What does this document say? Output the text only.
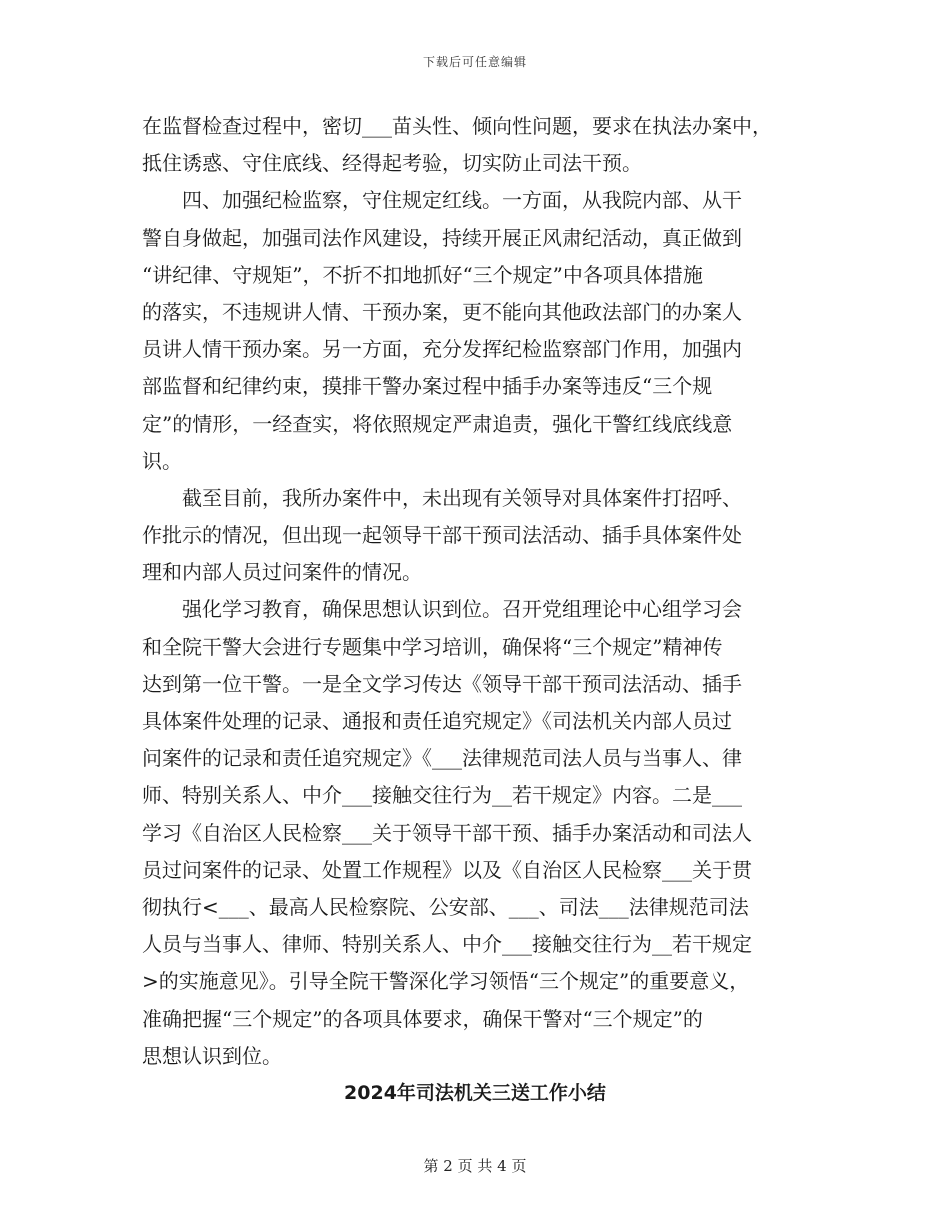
下载后可任意编辑
在监督检查过程中，密切___苗头性、倾向性问题，要求在执法办案中，
抵住诱惑、守住底线、经得起考验，切实防止司法干预。
　　四、加强纪检监察，守住规定红线。一方面，从我院内部、从干
警自身做起，加强司法作风建设，持续开展正风肃纪活动，真正做到
“讲纪律、守规矩”，不折不扣地抓好“三个规定”中各项具体措施
的落实，不违规讲人情、干预办案，更不能向其他政法部门的办案人
员讲人情干预办案。另一方面，充分发挥纪检监察部门作用，加强内
部监督和纪律约束，摸排干警办案过程中插手办案等违反“三个规
定”的情形，一经查实，将依照规定严肃追责，强化干警红线底线意
识。
　　截至目前，我所办案件中，未出现有关领导对具体案件打招呼、
作批示的情况，但出现一起领导干部干预司法活动、插手具体案件处
理和内部人员过问案件的情况。
　　强化学习教育，确保思想认识到位。召开党组理论中心组学习会
和全院干警大会进行专题集中学习培训，确保将“三个规定”精神传
达到第一位干警。一是全文学习传达《领导干部干预司法活动、插手
具体案件处理的记录、通报和责任追究规定》《司法机关内部人员过
问案件的记录和责任追究规定》《___法律规范司法人员与当事人、律
师、特别关系人、中介___接触交往行为__若干规定》内容。二是___
学习《自治区人民检察___关于领导干部干预、插手办案活动和司法人
员过问案件的记录、处置工作规程》以及《自治区人民检察___关于贯
彻执行<___、最高人民检察院、公安部、___、司法___法律规范司法
人员与当事人、律师、特别关系人、中介___接触交往行为__若干规定
>的实施意见》。引导全院干警深化学习领悟“三个规定”的重要意义，
准确把握“三个规定”的各项具体要求，确保干警对“三个规定”的
思想认识到位。
2024年司法机关三送工作小结
第 2 页 共 4 页
